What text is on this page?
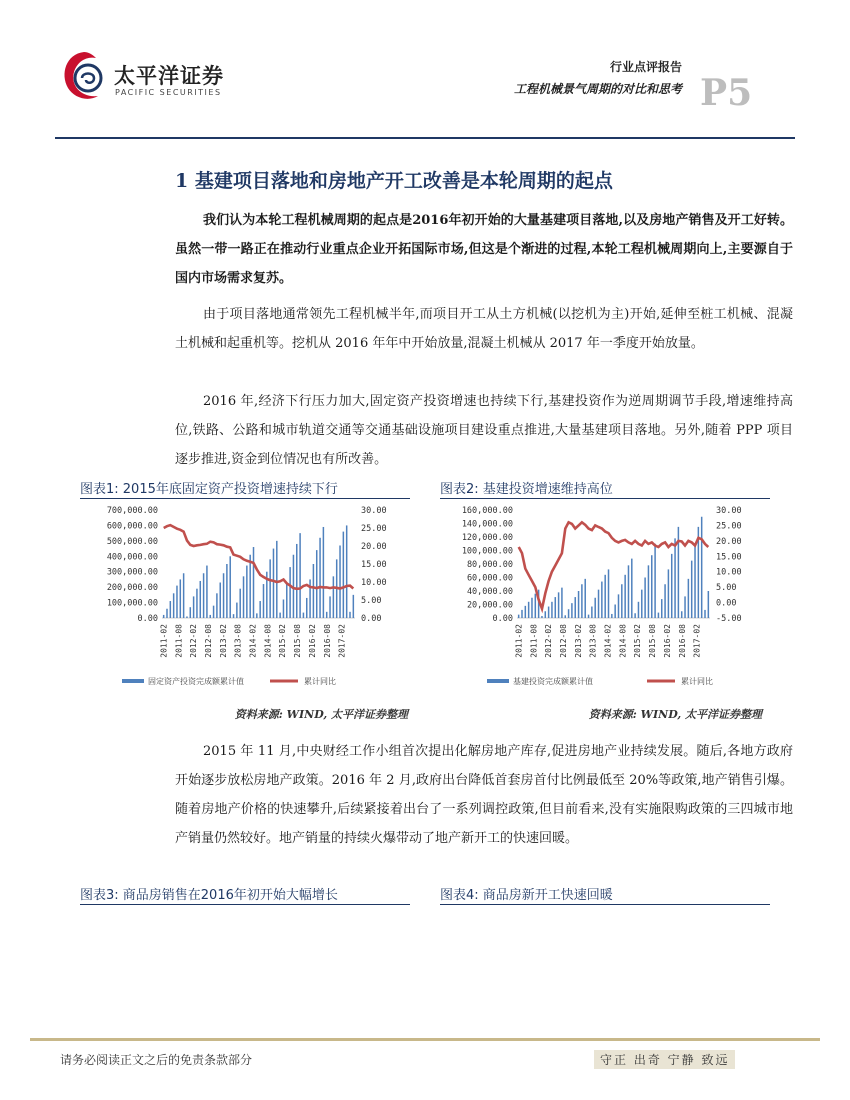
太平洋证券
PACIFIC SECURITIES
行业点评报告
工程机械景气周期的对比和思考 P5
1 基建项目落地和房地产开工改善是本轮周期的起点
我们认为本轮工程机械周期的起点是2016年初开始的大量基建项目落地,以及房地产销售及开工好转。虽然一带一路正在推动行业重点企业开拓国际市场,但这是个渐进的过程,本轮工程机械周期向上,主要源自于国内市场需求复苏。
由于项目落地通常领先工程机械半年,而项目开工从土方机械(以挖机为主)开始,延伸至桩工机械、混凝土机械和起重机等。挖机从 2016 年年中开始放量,混凝土机械从 2017 年一季度开始放量。
2016 年,经济下行压力加大,固定资产投资增速也持续下行,基建投资作为逆周期调节手段,增速维持高位,铁路、公路和城市轨道交通等交通基础设施项目建设重点推进,大量基建项目落地。另外,随着 PPP 项目逐步推进,资金到位情况也有所改善。
图表1: 2015年底固定资产投资增速持续下行	图表2: 基建投资增速维持高位
700,000.00
600,000.00
500,000.00
400,000.00
300,000.00
200,000.00
100,000.00
0.00
30.00
25.00
20.00
15.00
10.00
5.00
0.00
2011-02 2011-08 2012-02 2012-08 2013-02 2013-08 2014-02 2014-08 2015-02 2015-08 2016-02 2016-08 2017-02
固定资产投资完成额累计值	累计同比
160,000.00
140,000.00
120,000.00
100,000.00
80,000.00
60,000.00
40,000.00
20,000.00
0.00
30.00
25.00
20.00
15.00
10.00
5.00
0.00
-5.00
2011-02 2011-08 2012-02 2012-08 2013-02 2013-08 2014-02 2014-08 2015-02 2015-08 2016-02 2016-08 2017-02
基建投资完成额累计值	累计同比
资料来源: WIND, 太平洋证券整理	资料来源: WIND, 太平洋证券整理
2015 年 11 月,中央财经工作小组首次提出化解房地产库存,促进房地产业持续发展。随后,各地方政府开始逐步放松房地产政策。2016 年 2 月,政府出台降低首套房首付比例最低至 20%等政策,地产销售引爆。随着房地产价格的快速攀升,后续紧接着出台了一系列调控政策,但目前看来,没有实施限购政策的三四城市地产销量仍然较好。地产销量的持续火爆带动了地产新开工的快速回暖。
图表3: 商品房销售在2016年初开始大幅增长	图表4: 商品房新开工快速回暖
请务必阅读正文之后的免责条款部分	守正 出奇 宁静 致远
